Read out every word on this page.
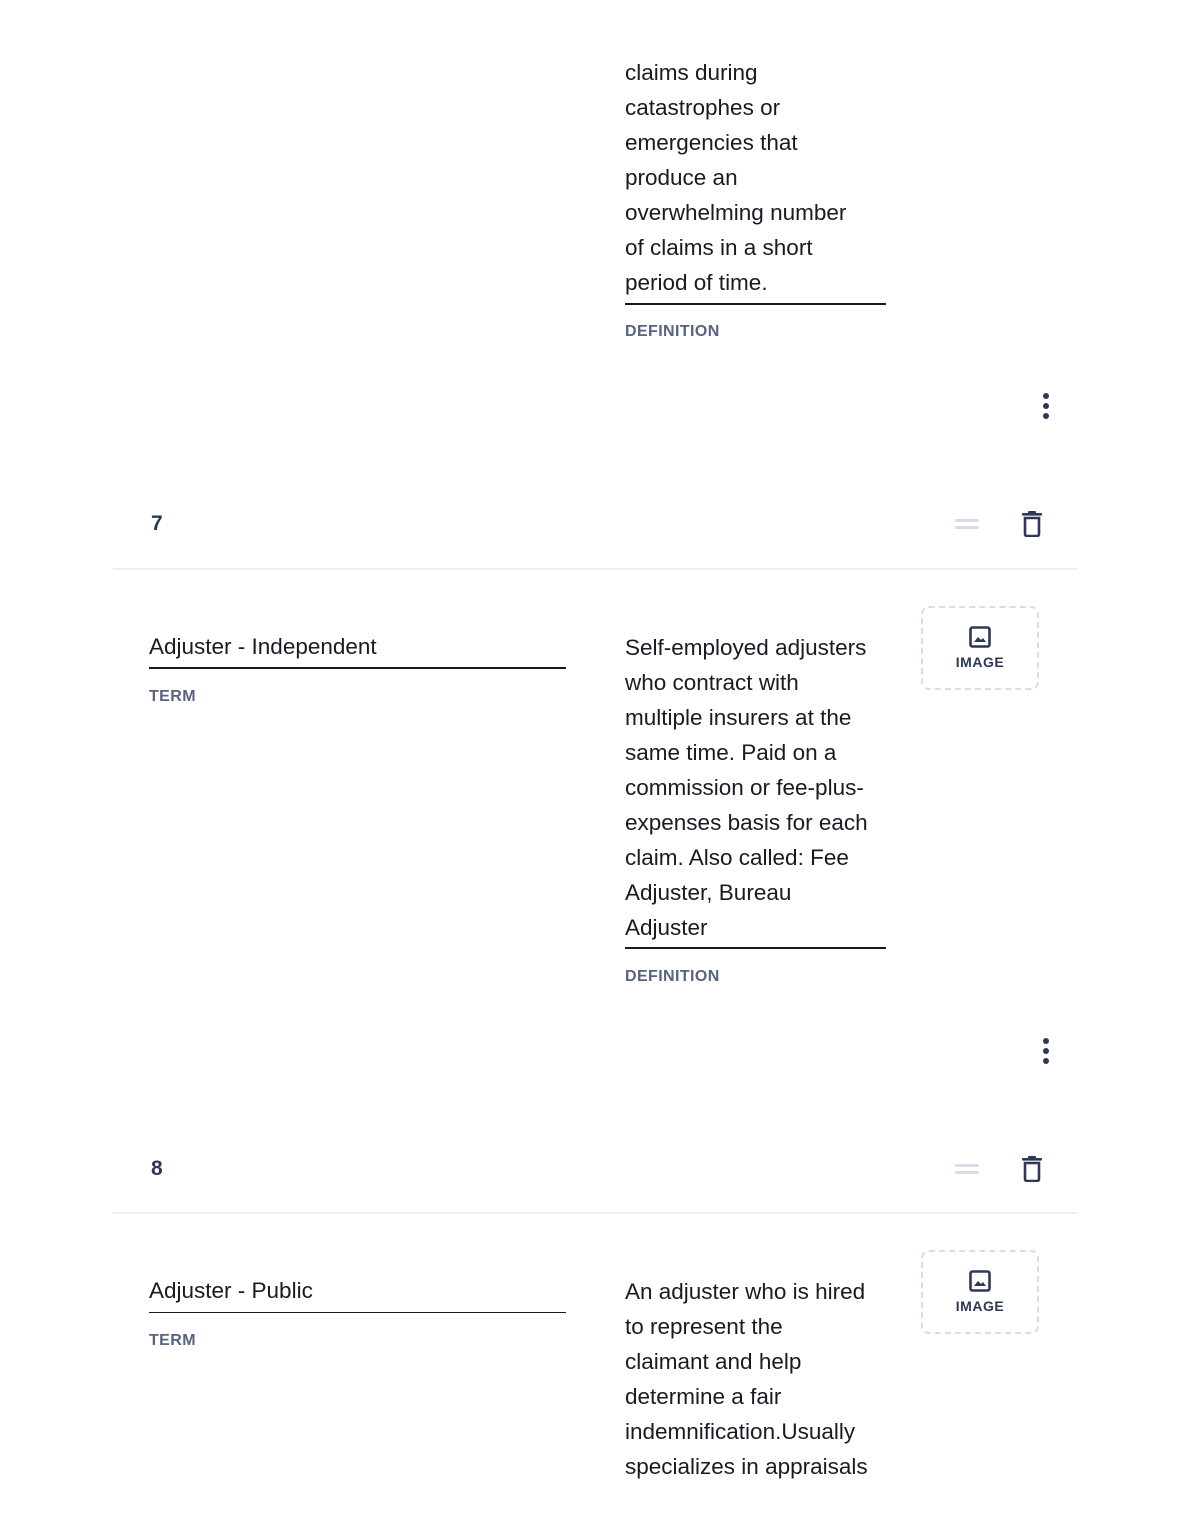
claims during
catastrophes or
emergencies that
produce an
overwhelming number
of claims in a short
period of time.

DEFINITION
7

Adjuster - Independent

TERM

Self-employed adjusters
who contract with
multiple insurers at the
same time. Paid on a
commission or fee-plus-
expenses basis for each
claim. Also called: Fee
Adjuster, Bureau
Adjuster

DEFINITION
IMAGE
8

Adjuster - Public

TERM

An adjuster who is hired
to represent the
claimant and help
determine a fair
indemnification.Usually
specializes in appraisals

IMAGE
